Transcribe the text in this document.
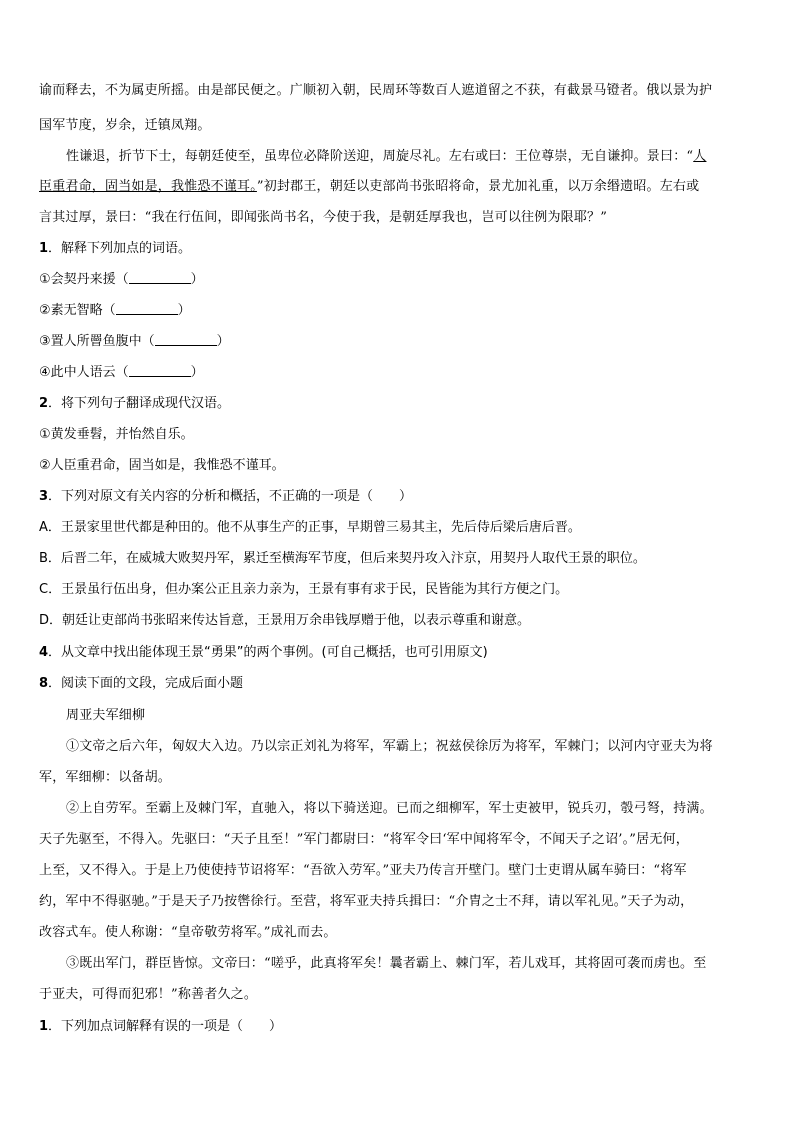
谕而释去，不为属吏所摇。由是部民便之。广顺初入朝，民周环等数百人遮道留之不获，有截景马镫者。俄以景为护
国军节度，岁余，迁镇凤翔。
性谦退，折节下士，每朝廷使至，虽卑位必降阶送迎，周旋尽礼。左右或曰：王位尊崇，无自谦抑。景曰：“人
臣重君命，固当如是，我惟恐不谨耳。”初封郡王，朝廷以吏部尚书张昭将命，景尤加礼重，以万余缗遗昭。左右或
言其过厚，景曰：“我在行伍间，即闻张尚书名，今使于我，是朝廷厚我也，岂可以往例为限耶？”
1．解释下列加点的词语。
①会契丹来援（	）
②素无智略（	）
③置人所罾鱼腹中（	）
④此中人语云（	）
2．将下列句子翻译成现代汉语。
①黄发垂髫，并怡然自乐。
②人臣重君命，固当如是，我惟恐不谨耳。
3．下列对原文有关内容的分析和概括，不正确的一项是（　　）
A．王景家里世代都是种田的。他不从事生产的正事，早期曾三易其主，先后侍后梁后唐后晋。
B．后晋二年，在威城大败契丹军，累迁至横海军节度，但后来契丹攻入汴京，用契丹人取代王景的职位。
C．王景虽行伍出身，但办案公正且亲力亲为，王景有事有求于民，民皆能为其行方便之门。
D．朝廷让吏部尚书张昭来传达旨意，王景用万余串钱厚赠于他，以表示尊重和谢意。
4．从文章中找出能体现王景“勇果”的两个事例。(可自己概括，也可引用原文)
8．阅读下面的文段，完成后面小题
周亚夫军细柳
①文帝之后六年，匈奴大入边。乃以宗正刘礼为将军，军霸上；祝兹侯徐厉为将军，军棘门；以河内守亚夫为将
军，军细柳：以备胡。
②上自劳军。至霸上及棘门军，直驰入，将以下骑送迎。已而之细柳军，军士吏被甲，锐兵刃，彀弓弩，持满。
天子先驱至，不得入。先驱曰：“天子且至！”军门都尉曰：“将军令曰‘军中闻将军令，不闻天子之诏’。”居无何，
上至，又不得入。于是上乃使使持节诏将军：“吾欲入劳军。”亚夫乃传言开壁门。壁门士吏谓从属车骑曰：“将军
约，军中不得驱驰。”于是天子乃按辔徐行。至营，将军亚夫持兵揖曰：“介胄之士不拜，请以军礼见。”天子为动，
改容式车。使人称谢：“皇帝敬劳将军。”成礼而去。
③既出军门，群臣皆惊。文帝曰：“嗟乎，此真将军矣！曩者霸上、棘门军，若儿戏耳，其将固可袭而虏也。至
于亚夫，可得而犯邪！”称善者久之。
1．下列加点词解释有误的一项是（　　）
